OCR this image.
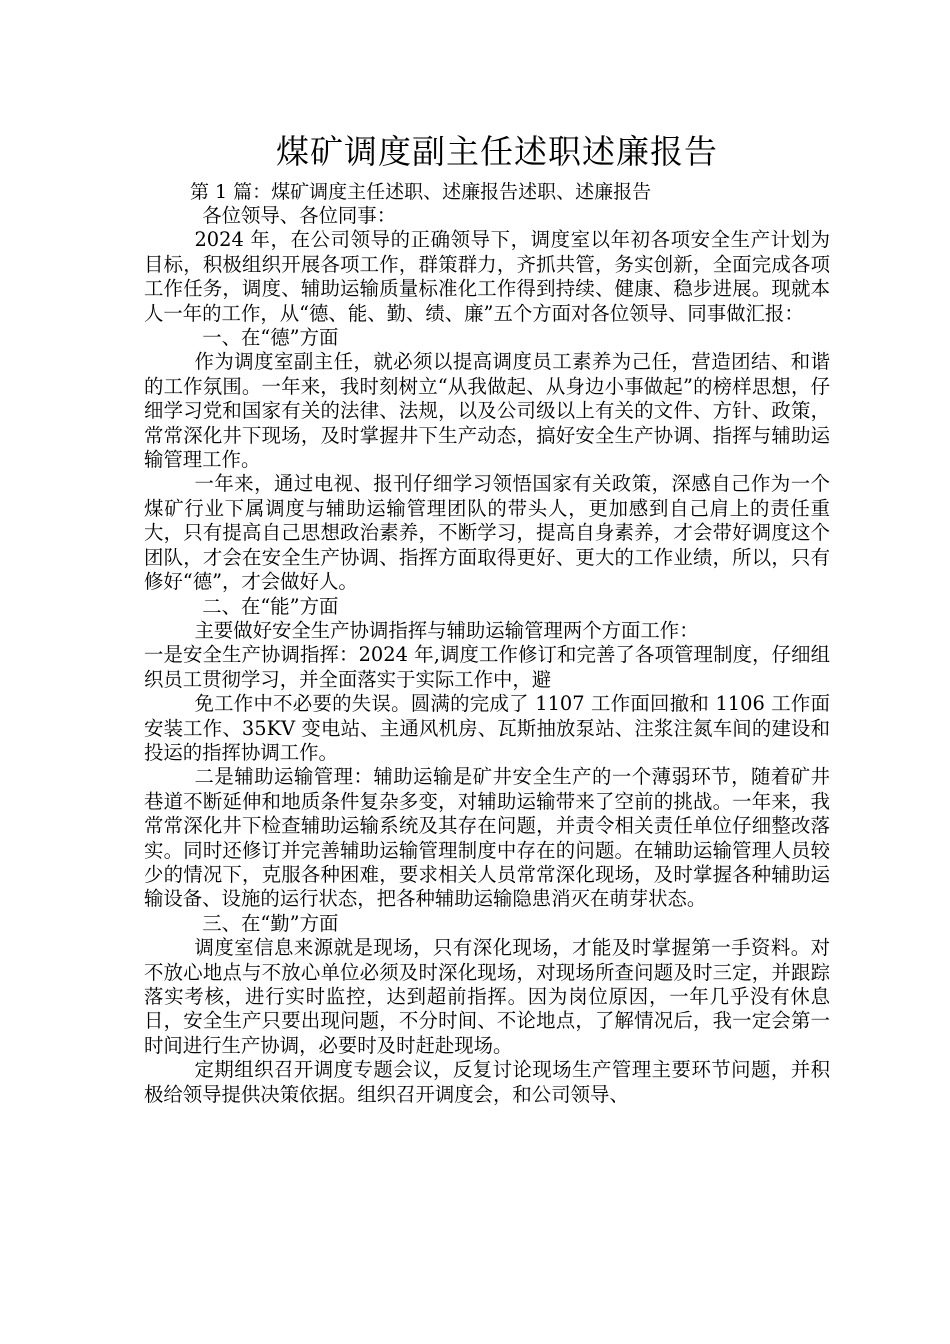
煤矿调度副主任述职述廉报告

第 1 篇：煤矿调度主任述职、述廉报告述职、述廉报告

各位领导、各位同事：

2024 年，在公司领导的正确领导下，调度室以年初各项安全生产计划为目标，积极组织开展各项工作，群策群力，齐抓共管，务实创新，全面完成各项工作任务，调度、辅助运输质量标准化工作得到持续、健康、稳步进展。现就本人一年的工作，从“德、能、勤、绩、廉”五个方面对各位领导、同事做汇报：

一、在“德”方面

作为调度室副主任，就必须以提高调度员工素养为己任，营造团结、和谐的工作氛围。一年来，我时刻树立“从我做起、从身边小事做起”的榜样思想，仔细学习党和国家有关的法律、法规，以及公司级以上有关的文件、方针、政策，常常深化井下现场，及时掌握井下生产动态，搞好安全生产协调、指挥与辅助运输管理工作。

一年来，通过电视、报刊仔细学习领悟国家有关政策，深感自己作为一个煤矿行业下属调度与辅助运输管理团队的带头人，更加感到自己肩上的责任重大，只有提高自己思想政治素养，不断学习，提高自身素养，才会带好调度这个团队，才会在安全生产协调、指挥方面取得更好、更大的工作业绩，所以，只有修好“德”，才会做好人。

二、在“能”方面

主要做好安全生产协调指挥与辅助运输管理两个方面工作：

一是安全生产协调指挥：2024 年,调度工作修订和完善了各项管理制度，仔细组织员工贯彻学习，并全面落实于实际工作中，避

免工作中不必要的失误。圆满的完成了 1107 工作面回撤和 1106 工作面安装工作、35KV 变电站、主通风机房、瓦斯抽放泵站、注浆注氮车间的建设和投运的指挥协调工作。

二是辅助运输管理：辅助运输是矿井安全生产的一个薄弱环节，随着矿井巷道不断延伸和地质条件复杂多变，对辅助运输带来了空前的挑战。一年来，我常常深化井下检查辅助运输系统及其存在问题，并责令相关责任单位仔细整改落实。同时还修订并完善辅助运输管理制度中存在的问题。在辅助运输管理人员较少的情况下，克服各种困难，要求相关人员常常深化现场，及时掌握各种辅助运输设备、设施的运行状态，把各种辅助运输隐患消灭在萌芽状态。

三、在“勤”方面

调度室信息来源就是现场，只有深化现场，才能及时掌握第一手资料。对不放心地点与不放心单位必须及时深化现场，对现场所查问题及时三定，并跟踪落实考核，进行实时监控，达到超前指挥。因为岗位原因，一年几乎没有休息日，安全生产只要出现问题，不分时间、不论地点，了解情况后，我一定会第一时间进行生产协调，必要时及时赶赴现场。

定期组织召开调度专题会议，反复讨论现场生产管理主要环节问题，并积极给领导提供决策依据。组织召开调度会，和公司领导、
